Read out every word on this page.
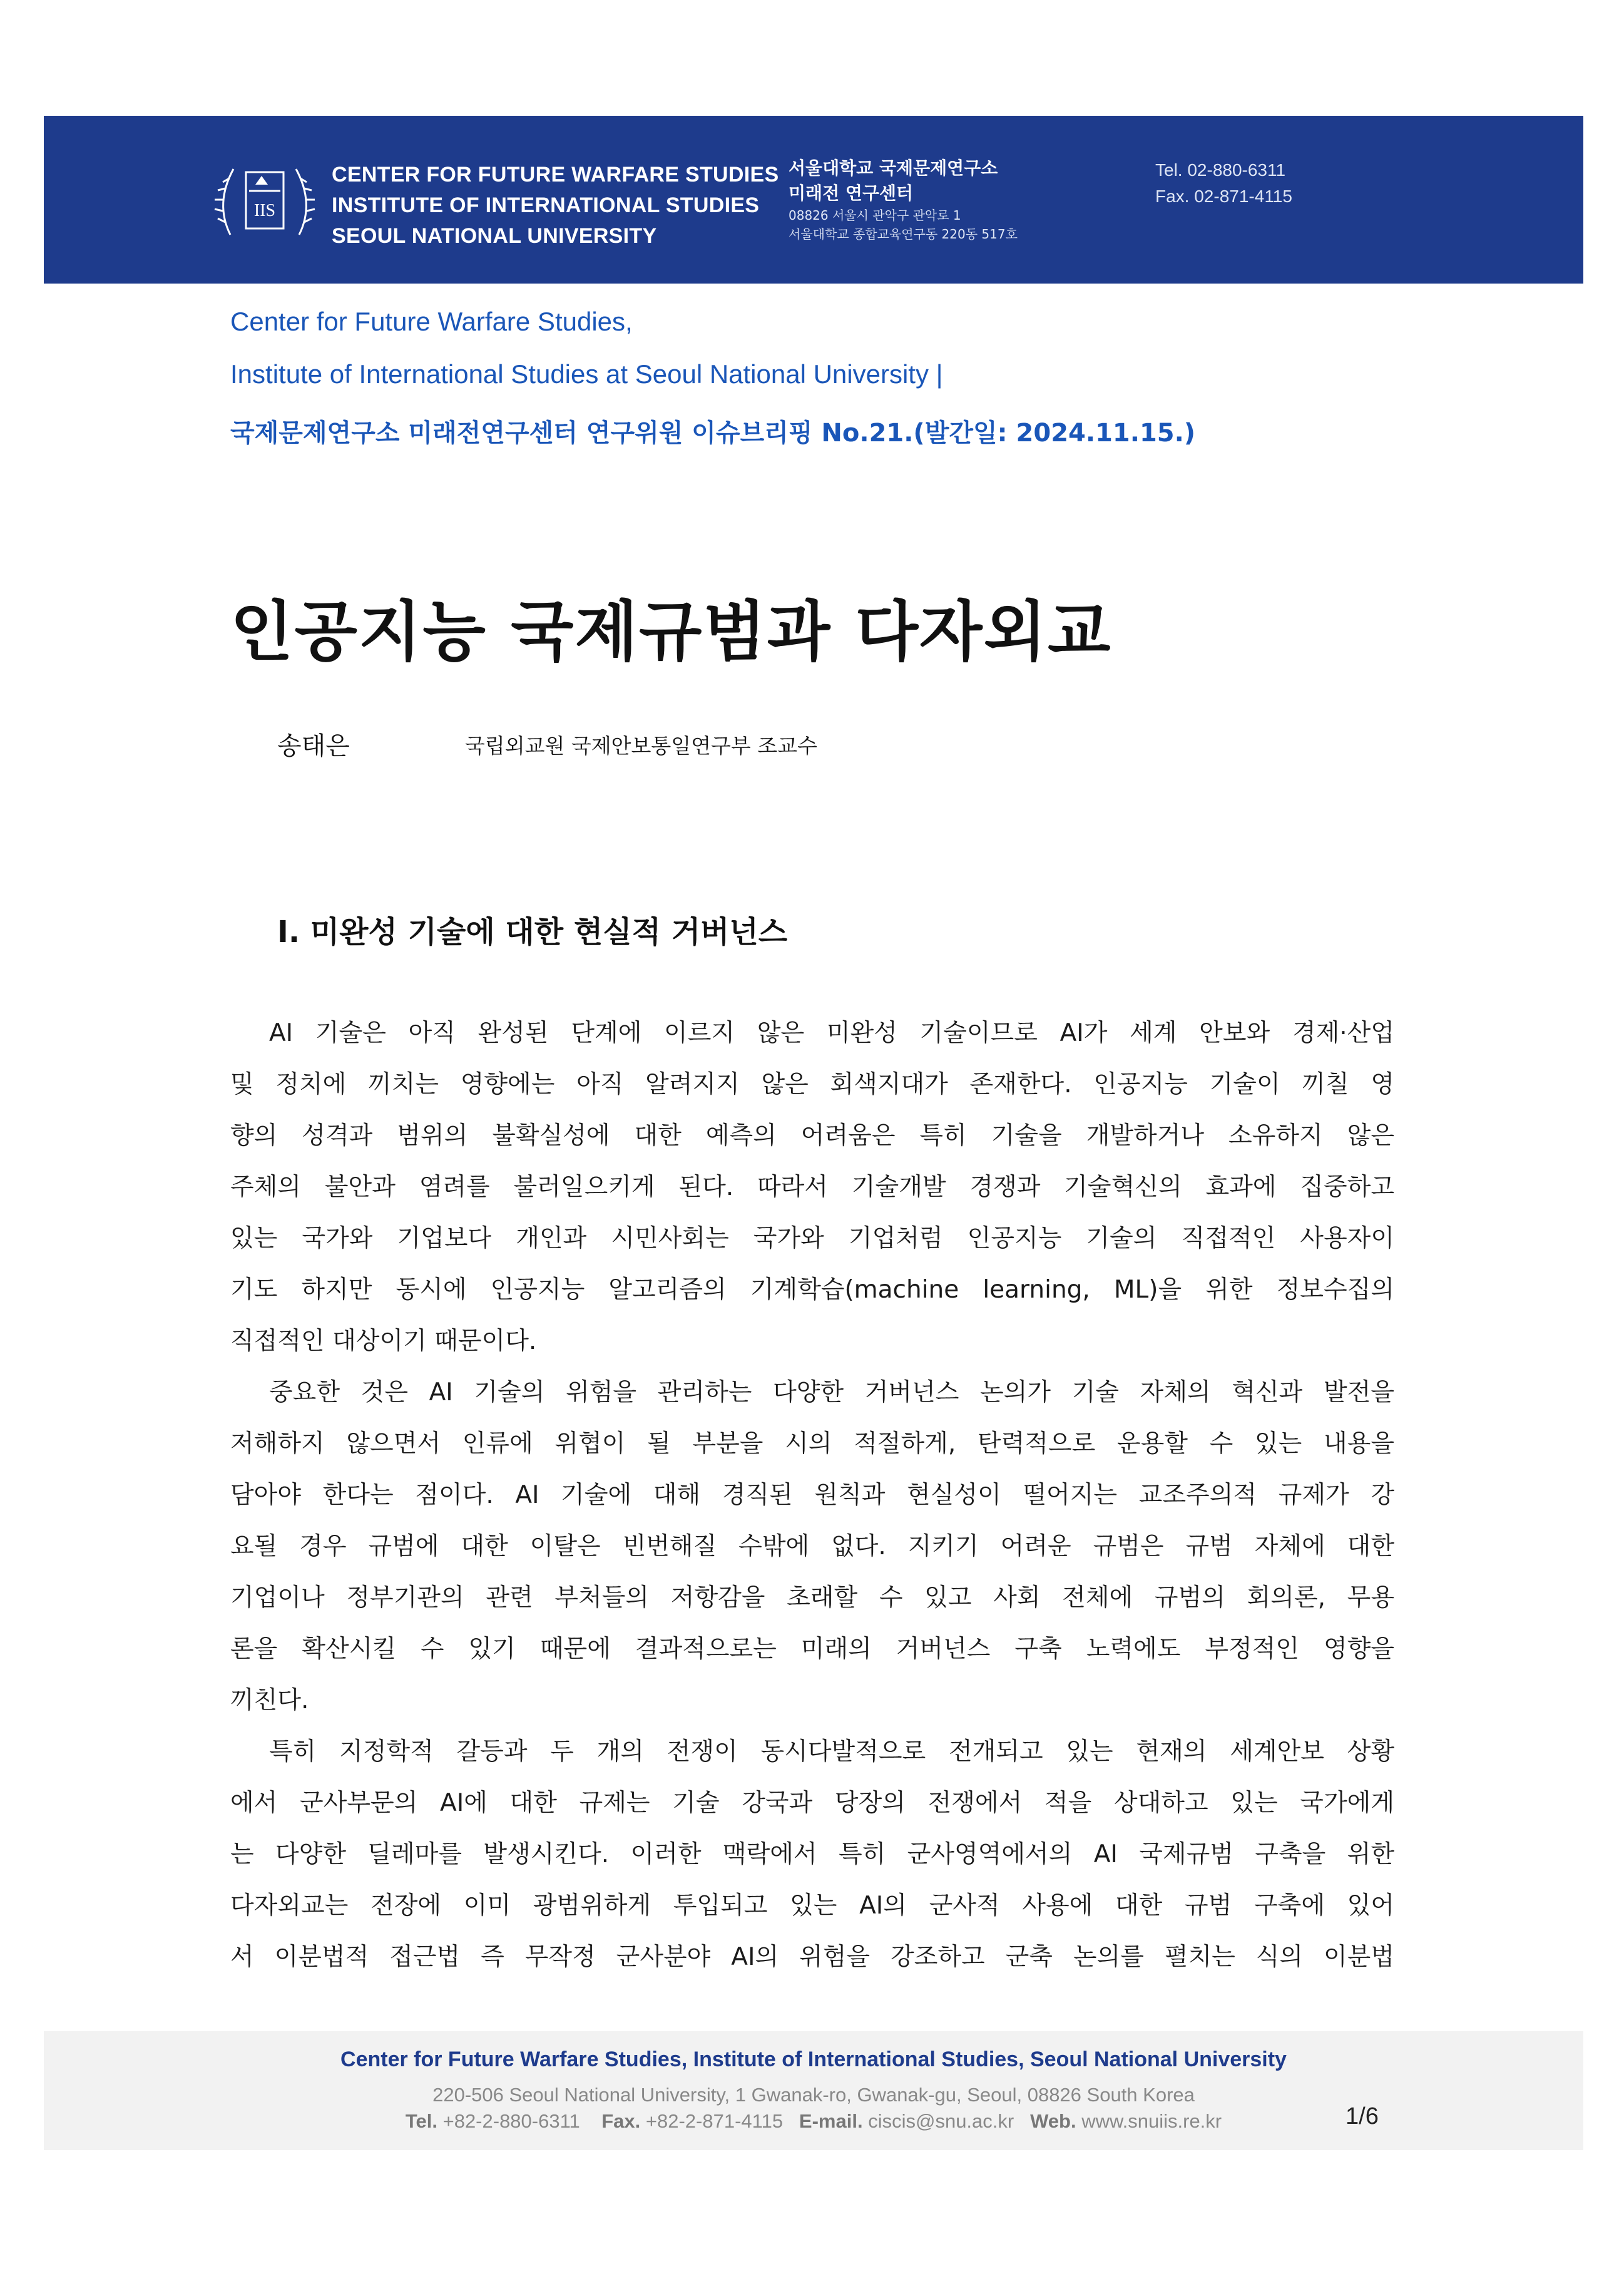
IIS
CENTER FOR FUTURE WARFARE STUDIES
INSTITUTE OF INTERNATIONAL STUDIES
SEOUL NATIONAL UNIVERSITY
서울대학교 국제문제연구소
미래전 연구센터
08826 서울시 관악구 관악로 1
서울대학교 종합교육연구동 220동 517호
Tel. 02-880-6311
Fax. 02-871-4115
Center for Future Warfare Studies,
Institute of International Studies at Seoul National University |
국제문제연구소 미래전연구센터 연구위원 이슈브리핑 No.21.(발간일: 2024.11.15.)
인공지능 국제규범과 다자외교
송태은	국립외교원 국제안보통일연구부 조교수
I. 미완성 기술에 대한 현실적 거버넌스
AI 기술은 아직 완성된 단계에 이르지 않은 미완성 기술이므로 AI가 세계 안보와 경제·산업
및 정치에 끼치는 영향에는 아직 알려지지 않은 회색지대가 존재한다. 인공지능 기술이 끼칠 영
향의 성격과 범위의 불확실성에 대한 예측의 어려움은 특히 기술을 개발하거나 소유하지 않은
주체의 불안과 염려를 불러일으키게 된다. 따라서 기술개발 경쟁과 기술혁신의 효과에 집중하고
있는 국가와 기업보다 개인과 시민사회는 국가와 기업처럼 인공지능 기술의 직접적인 사용자이
기도 하지만 동시에 인공지능 알고리즘의 기계학습(machine learning, ML)을 위한 정보수집의
직접적인 대상이기 때문이다.
중요한 것은 AI 기술의 위험을 관리하는 다양한 거버넌스 논의가 기술 자체의 혁신과 발전을
저해하지 않으면서 인류에 위협이 될 부분을 시의 적절하게, 탄력적으로 운용할 수 있는 내용을
담아야 한다는 점이다. AI 기술에 대해 경직된 원칙과 현실성이 떨어지는 교조주의적 규제가 강
요될 경우 규범에 대한 이탈은 빈번해질 수밖에 없다. 지키기 어려운 규범은 규범 자체에 대한
기업이나 정부기관의 관련 부처들의 저항감을 초래할 수 있고 사회 전체에 규범의 회의론, 무용
론을 확산시킬 수 있기 때문에 결과적으로는 미래의 거버넌스 구축 노력에도 부정적인 영향을
끼친다.
특히 지정학적 갈등과 두 개의 전쟁이 동시다발적으로 전개되고 있는 현재의 세계안보 상황
에서 군사부문의 AI에 대한 규제는 기술 강국과 당장의 전쟁에서 적을 상대하고 있는 국가에게
는 다양한 딜레마를 발생시킨다. 이러한 맥락에서 특히 군사영역에서의 AI 국제규범 구축을 위한
다자외교는 전장에 이미 광범위하게 투입되고 있는 AI의 군사적 사용에 대한 규범 구축에 있어
서 이분법적 접근법 즉 무작정 군사분야 AI의 위험을 강조하고 군축 논의를 펼치는 식의 이분법
Center for Future Warfare Studies, Institute of International Studies, Seoul National University
220-506 Seoul National University, 1 Gwanak-ro, Gwanak-gu, Seoul, 08826 South Korea
Tel. +82-2-880-6311 Fax. +82-2-871-4115 E-mail. ciscis@snu.ac.kr Web. www.snuiis.re.kr	1/6
